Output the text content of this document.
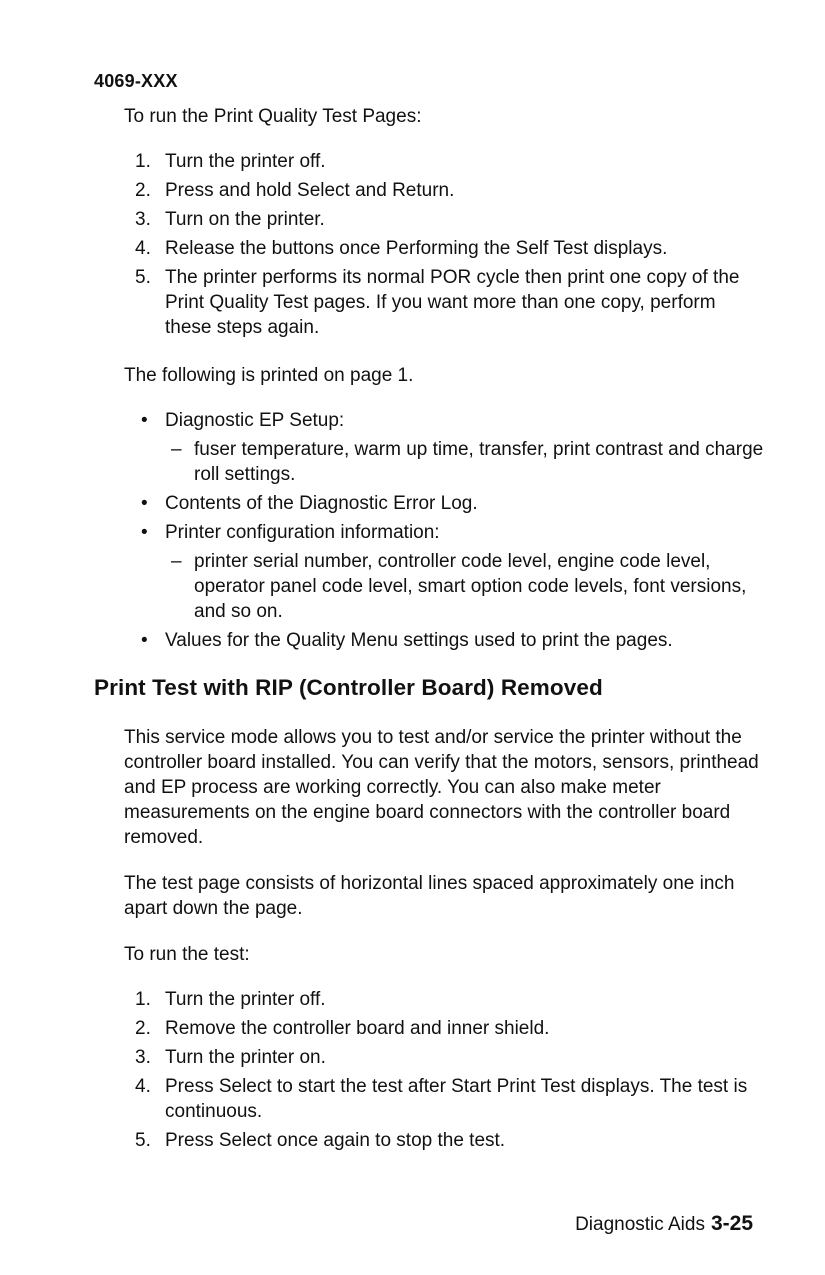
4069-XXX
To run the Print Quality Test Pages:
1. Turn the printer off.
2. Press and hold Select and Return.
3. Turn on the printer.
4. Release the buttons once Performing the Self Test displays.
5. The printer performs its normal POR cycle then print one copy of the Print Quality Test pages. If you want more than one copy, perform these steps again.
The following is printed on page 1.
• Diagnostic EP Setup:
– fuser temperature, warm up time, transfer, print contrast and charge roll settings.
• Contents of the Diagnostic Error Log.
• Printer configuration information:
– printer serial number, controller code level, engine code level, operator panel code level, smart option code levels, font versions, and so on.
• Values for the Quality Menu settings used to print the pages.
Print Test with RIP (Controller Board) Removed
This service mode allows you to test and/or service the printer without the controller board installed. You can verify that the motors, sensors, printhead and EP process are working correctly. You can also make meter measurements on the engine board connectors with the controller board removed.
The test page consists of horizontal lines spaced approximately one inch apart down the page.
To run the test:
1. Turn the printer off.
2. Remove the controller board and inner shield.
3. Turn the printer on.
4. Press Select to start the test after Start Print Test displays. The test is continuous.
5. Press Select once again to stop the test.
Diagnostic Aids 3-25
